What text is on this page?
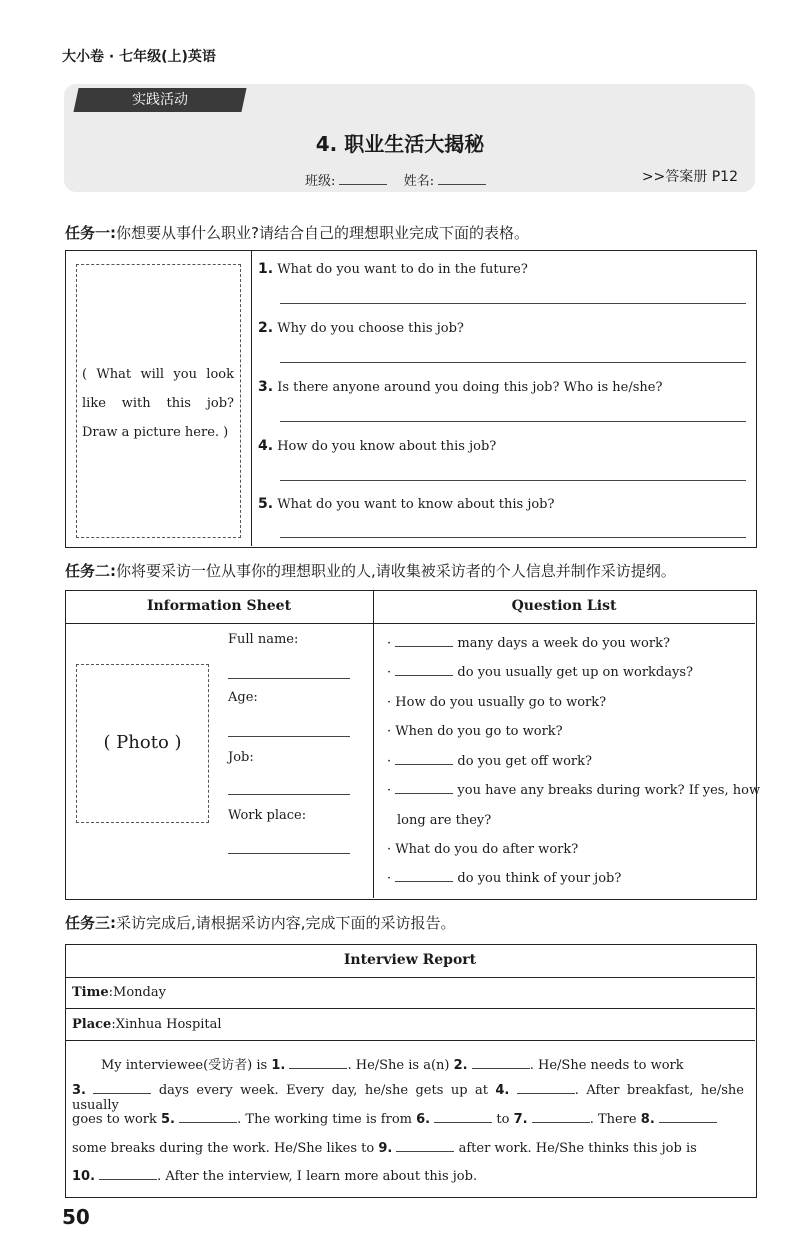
大小卷 · 七年级(上)英语
实践活动
4. 职业生活大揭秘
班级:	姓名:	>>答案册 P12
任务一:你想要从事什么职业?请结合自己的理想职业完成下面的表格。
( What will you look like with this job? Draw a picture here. )
1. What do you want to do in the future?
2. Why do you choose this job?
3. Is there anyone around you doing this job? Who is he/she?
4. How do you know about this job?
5. What do you want to know about this job?
任务二:你将要采访一位从事你的理想职业的人,请收集被采访者的个人信息并制作采访提纲。
Information Sheet	Question List
( Photo )
Full name:
Age:
Job:
Work place:
·	many days a week do you work?
·	do you usually get up on workdays?
· How do you usually go to work?
· When do you go to work?
·	do you get off work?
·	you have any breaks during work? If yes, how
long are they?
· What do you do after work?
·	do you think of your job?
任务三:采访完成后,请根据采访内容,完成下面的采访报告。
Interview Report
Time:Monday
Place:Xinhua Hospital
My interviewee(受访者) is 1.	. He/She is a(n) 2.	. He/She needs to work
3.	days every week. Every day, he/she gets up at 4.	. After breakfast, he/she usually
goes to work 5.	. The working time is from 6.	to 7.	. There 8.
some breaks during the work. He/She likes to 9.	after work. He/She thinks this job is
10.	. After the interview, I learn more about this job.
50
